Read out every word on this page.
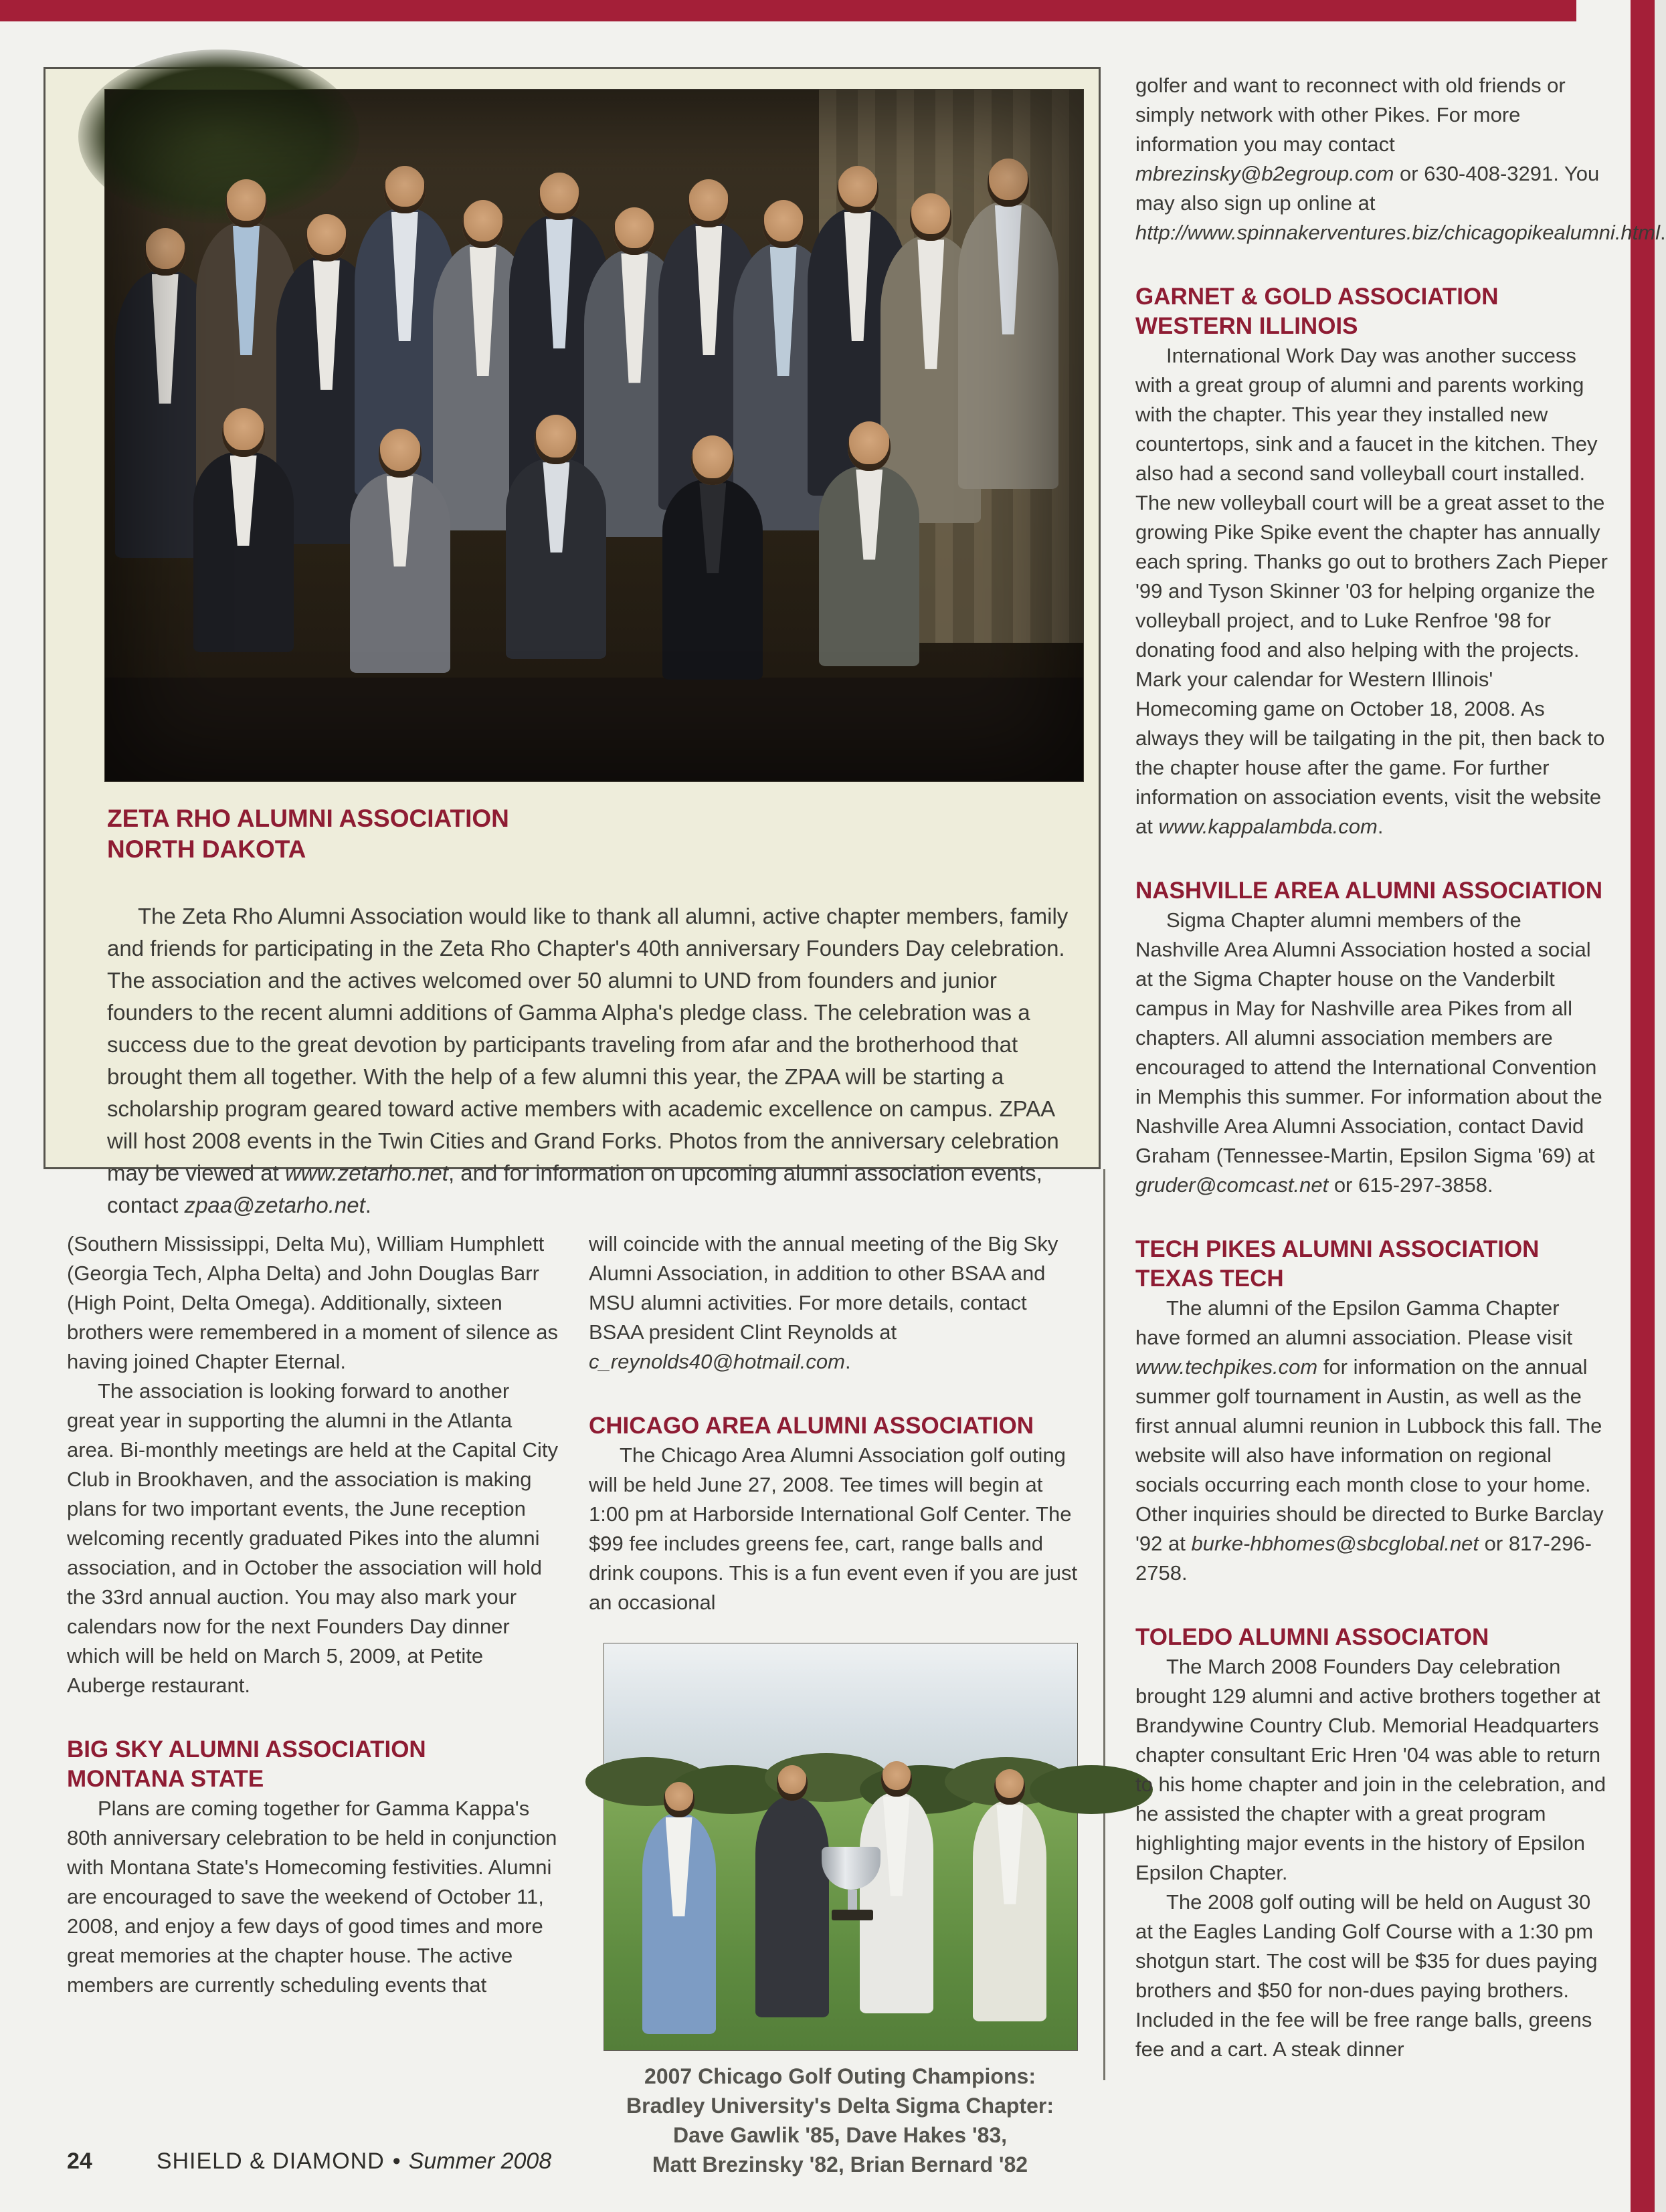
ZETA RHO ALUMNI ASSOCIATION
NORTH DAKOTA

The Zeta Rho Alumni Association would like to thank all alumni, active chapter members, family and friends for participating in the Zeta Rho Chapter's 40th anniversary Founders Day celebration. The association and the actives welcomed over 50 alumni to UND from founders and junior founders to the recent alumni additions of Gamma Alpha's pledge class. The celebration was a success due to the great devotion by participants traveling from afar and the brotherhood that brought them all together. With the help of a few alumni this year, the ZPAA will be starting a scholarship program geared toward active members with academic excellence on campus. ZPAA will host 2008 events in the Twin Cities and Grand Forks. Photos from the anniversary celebration may be viewed at www.zetarho.net, and for information on upcoming alumni association events, contact zpaa@zetarho.net.

(Southern Mississippi, Delta Mu), William Humphlett (Georgia Tech, Alpha Delta) and John Douglas Barr (High Point, Delta Omega). Additionally, sixteen brothers were remembered in a moment of silence as having joined Chapter Eternal.

The association is looking forward to another great year in supporting the alumni in the Atlanta area. Bi-monthly meetings are held at the Capital City Club in Brookhaven, and the association is making plans for two important events, the June reception welcoming recently graduated Pikes into the alumni association, and in October the association will hold the 33rd annual auction. You may also mark your calendars now for the next Founders Day dinner which will be held on March 5, 2009, at Petite Auberge restaurant.

BIG SKY ALUMNI ASSOCIATION
MONTANA STATE

Plans are coming together for Gamma Kappa's 80th anniversary celebration to be held in conjunction with Montana State's Homecoming festivities. Alumni are encouraged to save the weekend of October 11, 2008, and enjoy a few days of good times and more great memories at the chapter house. The active members are currently scheduling events that

will coincide with the annual meeting of the Big Sky Alumni Association, in addition to other BSAA and MSU alumni activities. For more details, contact BSAA president Clint Reynolds at c_reynolds40@hotmail.com.

CHICAGO AREA ALUMNI ASSOCIATION

The Chicago Area Alumni Association golf outing will be held June 27, 2008. Tee times will begin at 1:00 pm at Harborside International Golf Center. The $99 fee includes greens fee, cart, range balls and drink coupons. This is a fun event even if you are just an occasional

2007 Chicago Golf Outing Champions:
Bradley University's Delta Sigma Chapter:
Dave Gawlik '85, Dave Hakes '83,
Matt Brezinsky '82, Brian Bernard '82

golfer and want to reconnect with old friends or simply network with other Pikes. For more information you may contact mbrezinsky@b2egroup.com or 630-408-3291. You may also sign up online at http://www.spinnakerventures.biz/chicagopikealumni.html.

GARNET & GOLD ASSOCIATION
WESTERN ILLINOIS

International Work Day was another success with a great group of alumni and parents working with the chapter. This year they installed new countertops, sink and a faucet in the kitchen. They also had a second sand volleyball court installed. The new volleyball court will be a great asset to the growing Pike Spike event the chapter has annually each spring. Thanks go out to brothers Zach Pieper '99 and Tyson Skinner '03 for helping organize the volleyball project, and to Luke Renfroe '98 for donating food and also helping with the projects. Mark your calendar for Western Illinois' Homecoming game on October 18, 2008. As always they will be tailgating in the pit, then back to the chapter house after the game. For further information on association events, visit the website at www.kappalambda.com.

NASHVILLE AREA ALUMNI ASSOCIATION

Sigma Chapter alumni members of the Nashville Area Alumni Association hosted a social at the Sigma Chapter house on the Vanderbilt campus in May for Nashville area Pikes from all chapters. All alumni association members are encouraged to attend the International Convention in Memphis this summer. For information about the Nashville Area Alumni Association, contact David Graham (Tennessee-Martin, Epsilon Sigma '69) at gruder@comcast.net or 615-297-3858.

TECH PIKES ALUMNI ASSOCIATION
TEXAS TECH

The alumni of the Epsilon Gamma Chapter have formed an alumni association. Please visit www.techpikes.com for information on the annual summer golf tournament in Austin, as well as the first annual alumni reunion in Lubbock this fall. The website will also have information on regional socials occurring each month close to your home. Other inquiries should be directed to Burke Barclay '92 at burke-hbhomes@sbcglobal.net or 817-296-2758.

TOLEDO ALUMNI ASSOCIATON

The March 2008 Founders Day celebration brought 129 alumni and active brothers together at Brandywine Country Club. Memorial Headquarters chapter consultant Eric Hren '04 was able to return to his home chapter and join in the celebration, and he assisted the chapter with a great program highlighting major events in the history of Epsilon Epsilon Chapter.

The 2008 golf outing will be held on August 30 at the Eagles Landing Golf Course with a 1:30 pm shotgun start. The cost will be $35 for dues paying brothers and $50 for non-dues paying brothers. Included in the fee will be free range balls, greens fee and a cart. A steak dinner

24	SHIELD & DIAMOND • Summer 2008
